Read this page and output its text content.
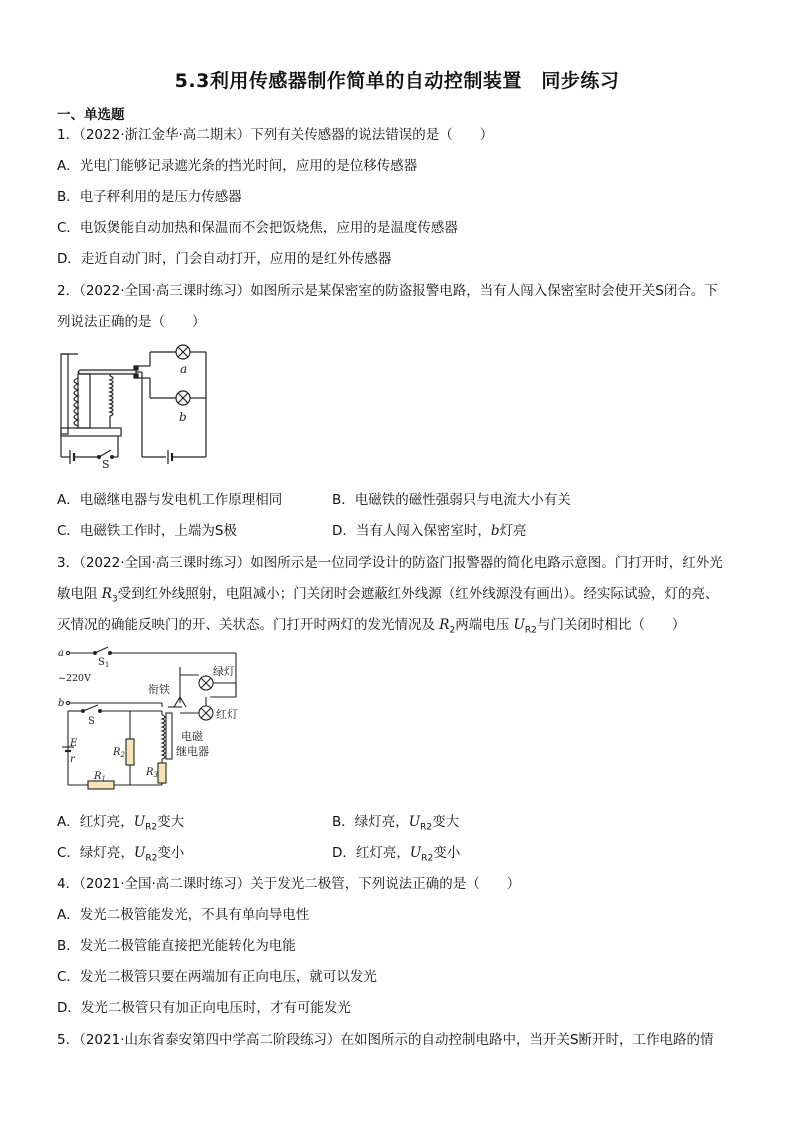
5.3利用传感器制作简单的自动控制装置　同步练习
一、单选题
1．（2022·浙江金华·高二期末）下列有关传感器的说法错误的是（　　）
A．光电门能够记录遮光条的挡光时间，应用的是位移传感器
B．电子秤利用的是压力传感器
C．电饭煲能自动加热和保温而不会把饭烧焦，应用的是温度传感器
D．走近自动门时，门会自动打开，应用的是红外传感器
2．（2022·全国·高三课时练习）如图所示是某保密室的防盗报警电路，当有人闯入保密室时会使开关S闭合。下
列说法正确的是（　　）
a
b
S
A．电磁继电器与发电机工作原理相同	B．电磁铁的磁性强弱只与电流大小有关
C．电磁铁工作时，上端为S极	D．当有人闯入保密室时，b灯亮
3．（2022·全国·高三课时练习）如图所示是一位同学设计的防盗门报警器的简化电路示意图。门打开时，红外光
敏电阻 $R_3$受到红外线照射，电阻减小；门关闭时会遮蔽红外线源（红外线源没有画出）。经实际试验，灯的亮、
灭情况的确能反映门的开、关状态。门打开时两灯的发光情况及 $R_2$两端电压 $U_{R2}$与门关闭时相比（　　）
a
$S_1$
~220V
衔铁
绿灯
b
S
红灯
电磁
继电器
E
r
$R_2$
$R_3$
$R_1$
A．红灯亮，$U_{R2}$变大	B．绿灯亮，$U_{R2}$变大
C．绿灯亮，$U_{R2}$变小	D．红灯亮，$U_{R2}$变小
4．（2021·全国·高二课时练习）关于发光二极管，下列说法正确的是（　　）
A．发光二极管能发光，不具有单向导电性
B．发光二极管能直接把光能转化为电能
C．发光二极管只要在两端加有正向电压，就可以发光
D．发光二极管只有加正向电压时，才有可能发光
5．（2021·山东省泰安第四中学高二阶段练习）在如图所示的自动控制电路中，当开关S断开时，工作电路的情
